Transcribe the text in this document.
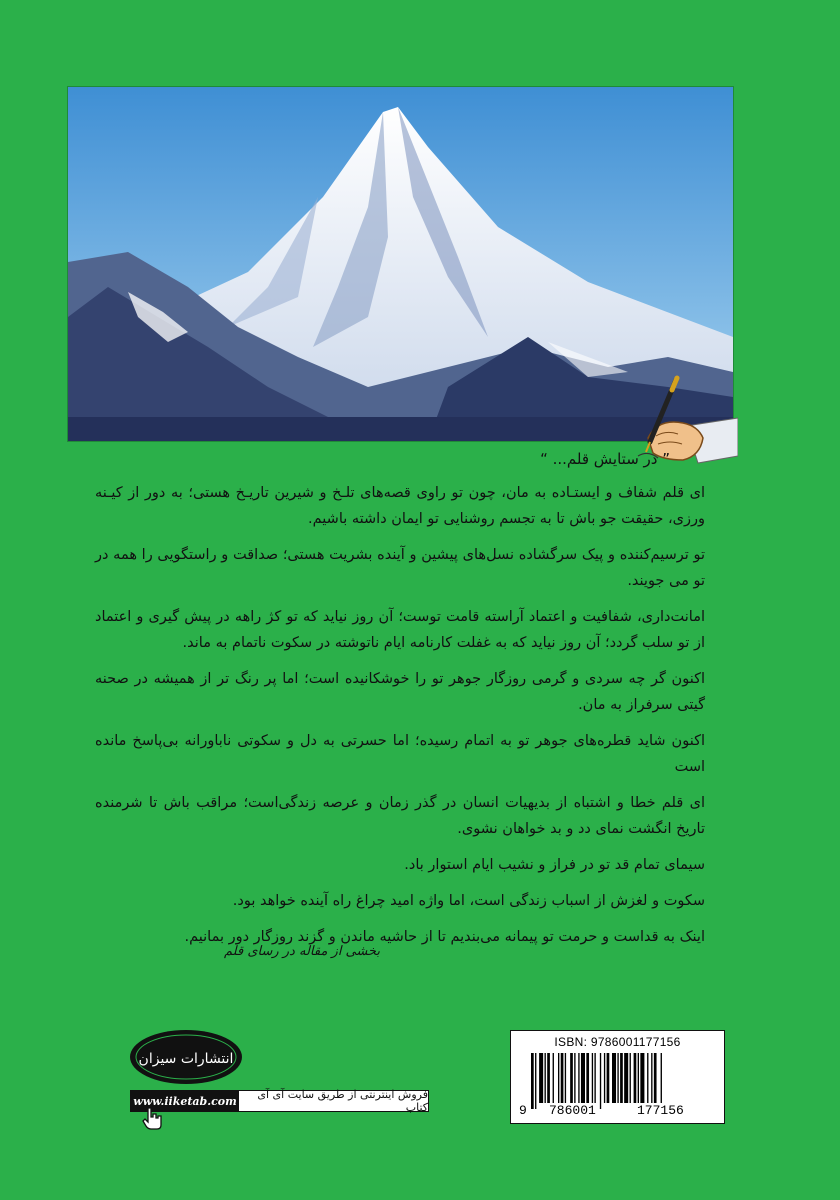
” در ستایش قلم... “

ای قلم شفاف و ایستـاده به مان، چون تو راوی قصه‌های تلـخ و شیرین تاریـخ هستی؛ به دور از کیـنه ورزی، حقیقت جو باش تا به تجسم روشنایی تو ایمان داشته باشیم.

تو ترسیم‌کننده و پیک سرگشاده نسل‌های پیشین و آینده بشریت هستی؛ صداقت و راستگویی را همه در تو می جویند.

امانت‌داری، شفافیت و اعتماد آراسته قامت توست؛ آن روز نیاید که تو کژ راهه در پیش گیری و اعتماد از تو سلب گردد؛ آن روز نیاید که به غفلت کارنامه ایام ناتوشته در سکوت ناتمام به ماند.

اکنون گر چه سردی و گرمی روزگار جوهر تو را خوشکانیده است؛ اما پر رنگ تر از همیشه در صحنه گیتی سرفراز به مان.

اکنون شاید قطره‌های جوهر تو به اتمام رسیده؛ اما حسرتی به دل و سکوتی ناباورانه بی‌پاسخ مانده است

ای قلم خطا و اشتباه از بدیهیات انسان در گذر زمان و عرصه زندگی‌است؛ مراقب باش تا شرمنده تاریخ انگشت نمای دد و بد خواهان نشوی.

سیمای تمام قد تو در فراز و نشیب ایام استوار باد.

سکوت و لغزش از اسباب زندگی است، اما واژه امید چراغ راه آینده خواهد بود.

اینک به قداست و حرمت تو پیمانه می‌بندیم تا از حاشیه ماندن و گزند روزگار دور بمانیم.

بخشی از مقاله در رسای قلم
انتشارات سیزان
www.iiketab.com	فروش اینترنتی از طریق سایت آی آی کتاب
ISBN: 9786001177156
9 786001	177156
